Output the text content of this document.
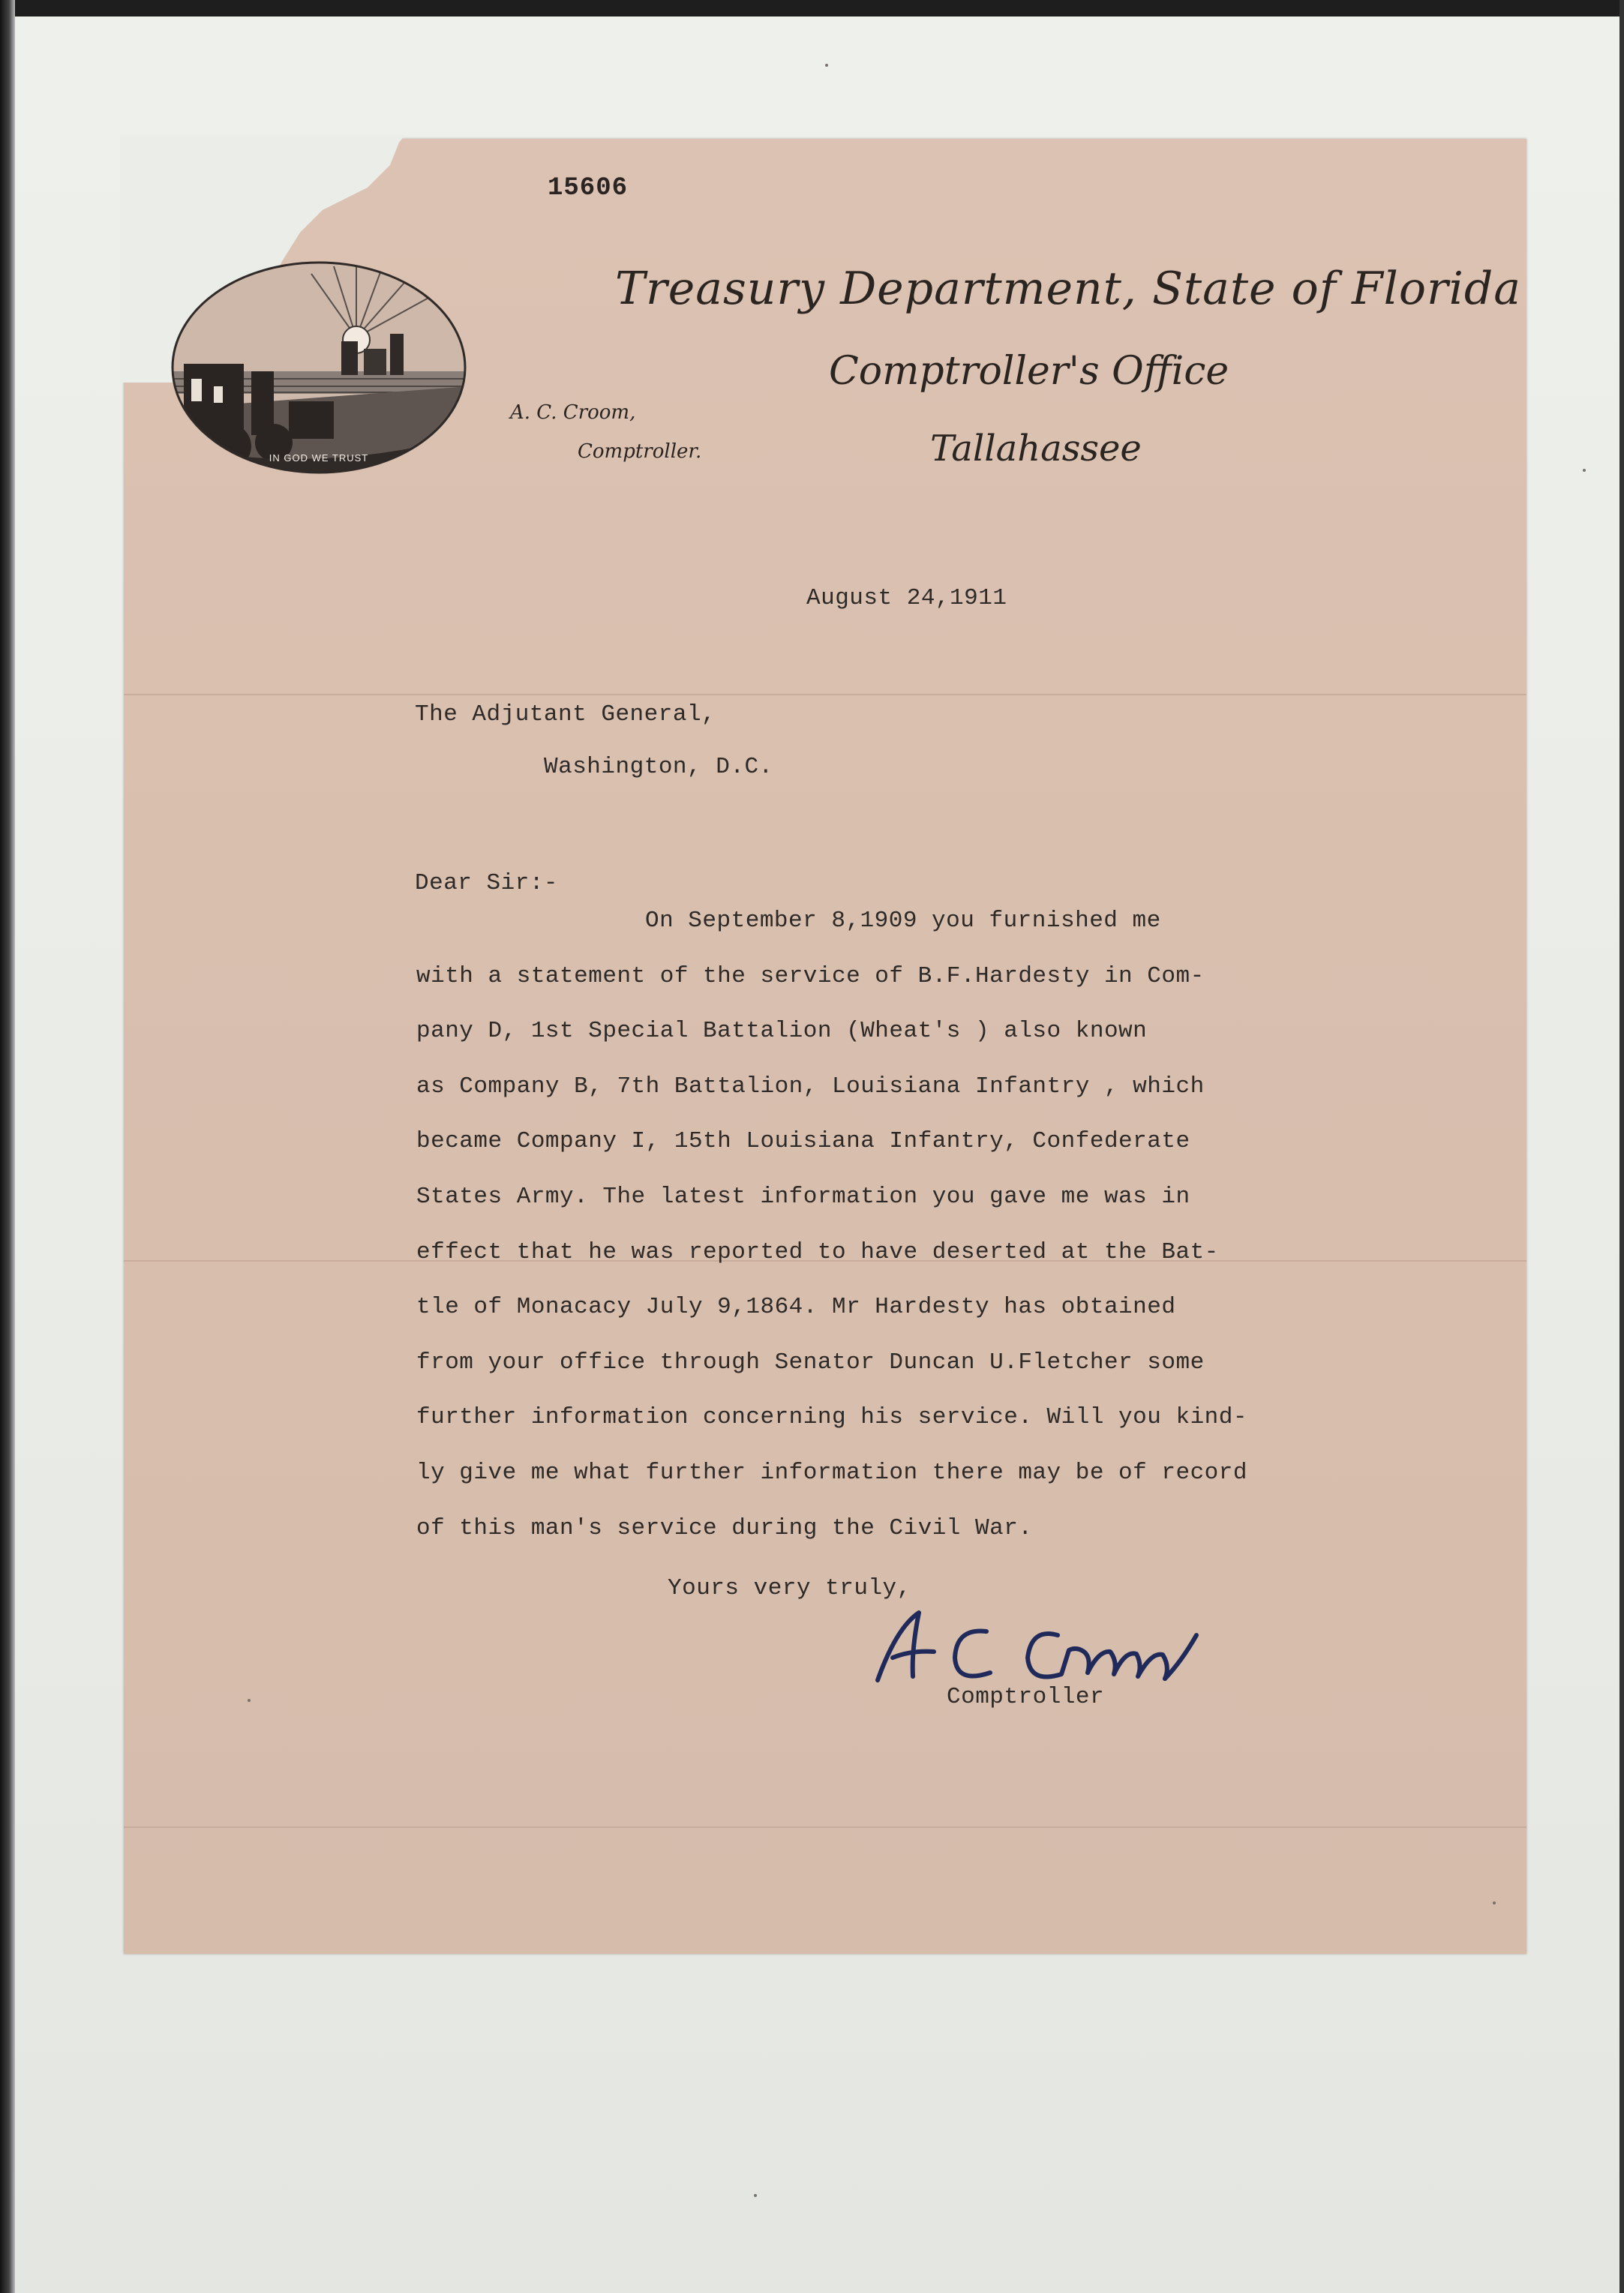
15606
IN GOD WE TRUST
Treasury Department, State of Florida
Comptroller's Office
Tallahassee
A. C. Croom,
Comptroller.
August 24,1911
The Adjutant General,
Washington, D.C.
Dear Sir:-
On September 8,1909 you furnished me
with a statement of the service of B.F.Hardesty in Com-
pany D, 1st Special Battalion (Wheat's ) also known
as Company B, 7th Battalion, Louisiana Infantry , which
became Company I, 15th Louisiana Infantry, Confederate
States Army. The latest information you gave me was in
effect that he was reported to have deserted at the Bat-
tle of Monacacy July 9,1864. Mr Hardesty has obtained
from your office through Senator Duncan U.Fletcher some
further information concerning his service. Will you kind-
ly give me what further information there may be of record
of this man's service during the Civil War.
Yours very truly,
Comptroller
